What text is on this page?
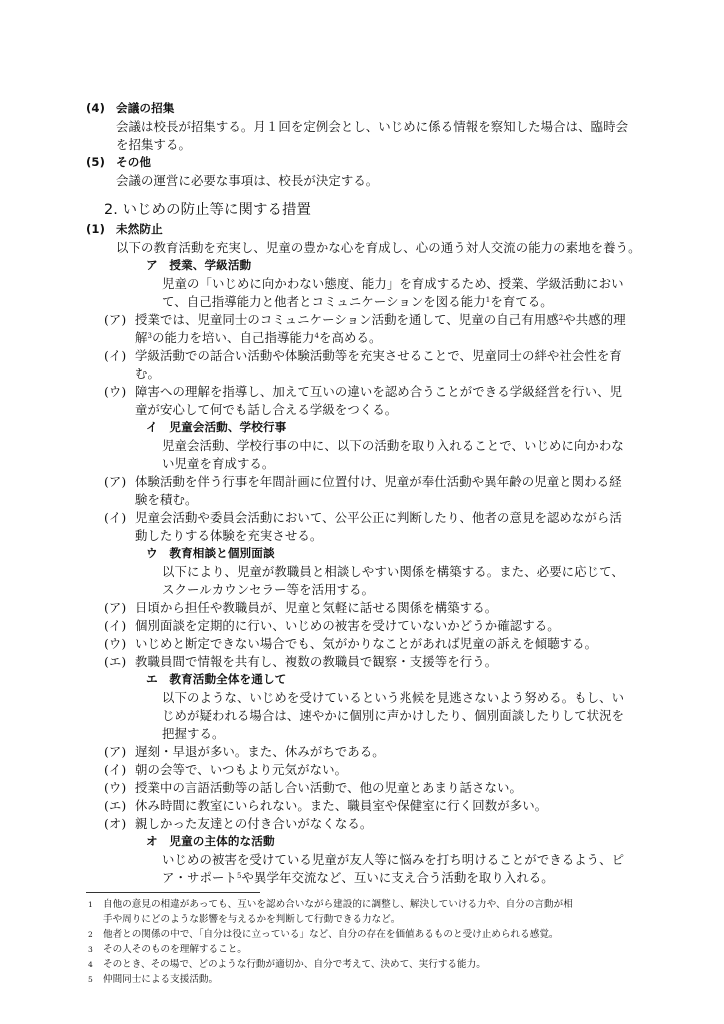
(4) 会議の招集
会議は校長が招集する。月１回を定例会とし、いじめに係る情報を察知した場合は、臨時会
を招集する。
(5) その他
会議の運営に必要な事項は、校長が決定する。
2. いじめの防止等に関する措置
(1) 未然防止
以下の教育活動を充実し、児童の豊かな心を育成し、心の通う対人交流の能力の素地を養う。
ア　授業、学級活動
児童の「いじめに向かわない態度、能力」を育成するため、授業、学級活動におい
て、自己指導能力と他者とコミュニケーションを図る能力$^1$を育てる。
(ア) 授業では、児童同士のコミュニケーション活動を通して、児童の自己有用感$^2$や共感的理
解$^3$の能力を培い、自己指導能力$^4$を高める。
(イ) 学級活動での話合い活動や体験活動等を充実させることで、児童同士の絆や社会性を育
む。
(ウ) 障害への理解を指導し、加えて互いの違いを認め合うことができる学級経営を行い、児
童が安心して何でも話し合える学級をつくる。
イ　児童会活動、学校行事
児童会活動、学校行事の中に、以下の活動を取り入れることで、いじめに向かわな
い児童を育成する。
(ア) 体験活動を伴う行事を年間計画に位置付け、児童が奉仕活動や異年齢の児童と関わる経
験を積む。
(イ) 児童会活動や委員会活動において、公平公正に判断したり、他者の意見を認めながら活
動したりする体験を充実させる。
ウ　教育相談と個別面談
以下により、児童が教職員と相談しやすい関係を構築する。また、必要に応じて、
スクールカウンセラー等を活用する。
(ア) 日頃から担任や教職員が、児童と気軽に話せる関係を構築する。
(イ) 個別面談を定期的に行い、いじめの被害を受けていないかどうか確認する。
(ウ) いじめと断定できない場合でも、気がかりなことがあれば児童の訴えを傾聴する。
(エ) 教職員間で情報を共有し、複数の教職員で観察・支援等を行う。
エ　教育活動全体を通して
以下のような、いじめを受けているという兆候を見逃さないよう努める。もし、い
じめが疑われる場合は、速やかに個別に声かけしたり、個別面談したりして状況を
把握する。
(ア) 遅刻・早退が多い。また、休みがちである。
(イ) 朝の会等で、いつもより元気がない。
(ウ) 授業中の言語活動等の話し合い活動で、他の児童とあまり話さない。
(エ) 休み時間に教室にいられない。また、職員室や保健室に行く回数が多い。
(オ) 親しかった友達との付き合いがなくなる。
オ　児童の主体的な活動
いじめの被害を受けている児童が友人等に悩みを打ち明けることができるよう、ピ
ア・サポート$^5$や異学年交流など、互いに支え合う活動を取り入れる。
1 自他の意見の相違があっても、互いを認め合いながら建設的に調整し、解決していける力や、自分の言動が相
手や周りにどのような影響を与えるかを判断して行動できる力など。
2 他者との関係の中で、「自分は役に立っている」など、自分の存在を価値あるものと受け止められる感覚。
3 その人そのものを理解すること。
4 そのとき、その場で、どのような行動が適切か、自分で考えて、決めて、実行する能力。
5 仲間同士による支援活動。
